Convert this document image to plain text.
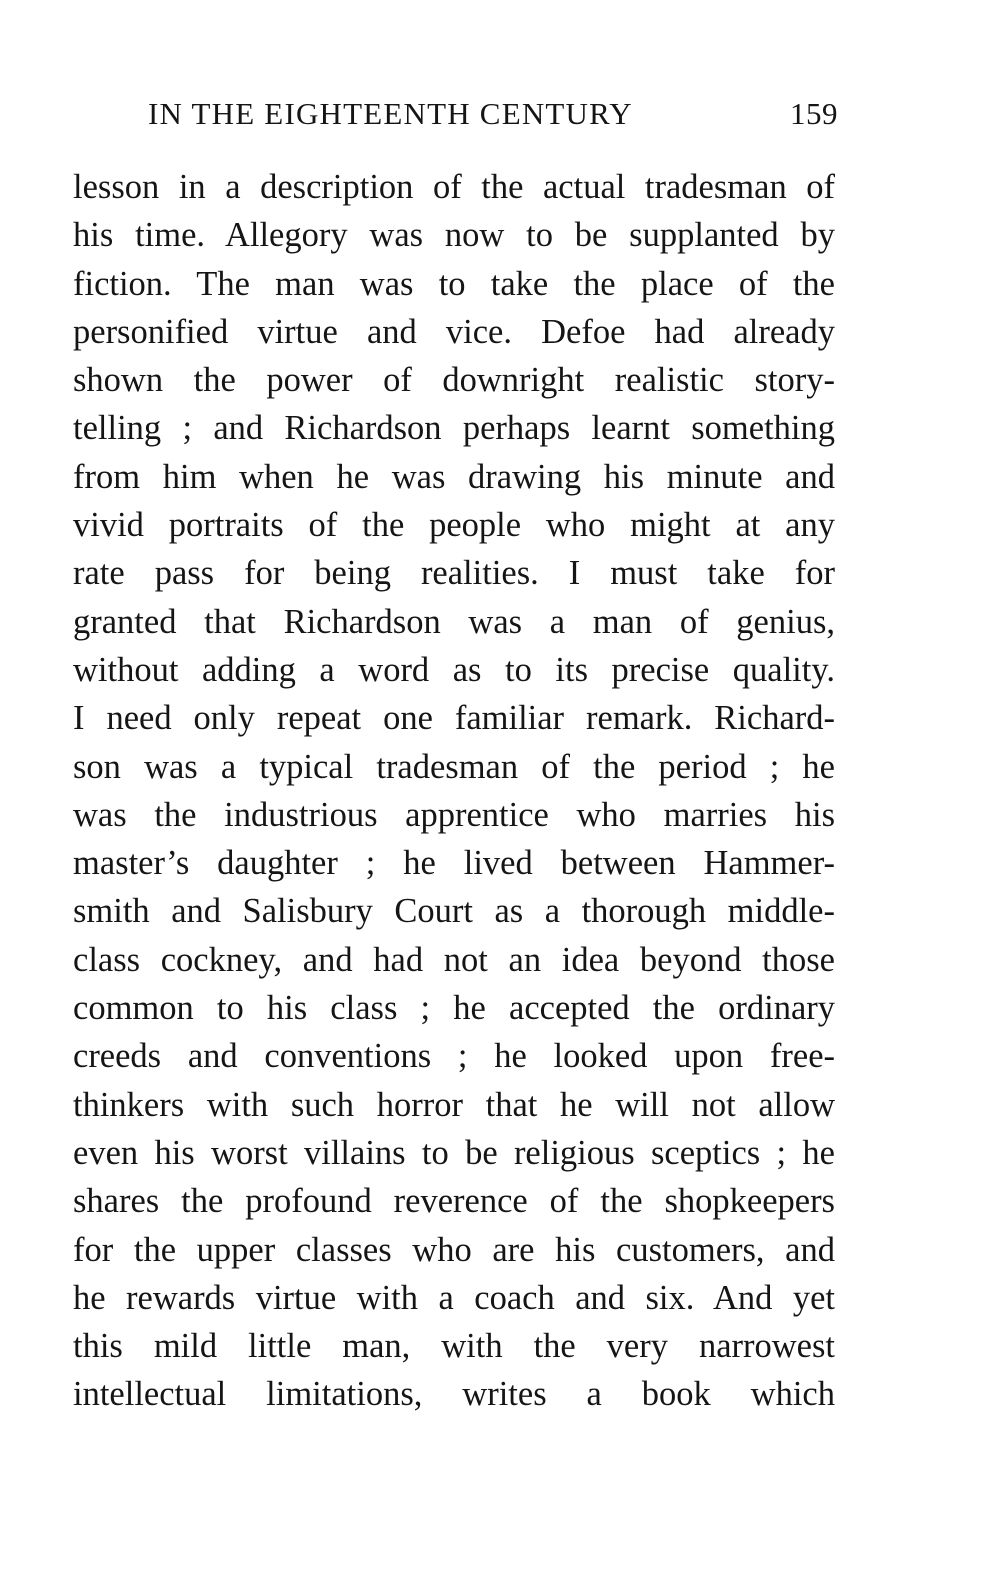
IN THE EIGHTEENTH CENTURY	159
lesson in a description of the actual tradesman of
his time. Allegory was now to be supplanted by
fiction. The man was to take the place of the
personified virtue and vice. Defoe had already
shown the power of downright realistic story-
telling ; and Richardson perhaps learnt something
from him when he was drawing his minute and
vivid portraits of the people who might at any
rate pass for being realities. I must take for
granted that Richardson was a man of genius,
without adding a word as to its precise quality.
I need only repeat one familiar remark. Richard-
son was a typical tradesman of the period ; he
was the industrious apprentice who marries his
master’s daughter ; he lived between Hammer-
smith and Salisbury Court as a thorough middle-
class cockney, and had not an idea beyond those
common to his class ; he accepted the ordinary
creeds and conventions ; he looked upon free-
thinkers with such horror that he will not allow
even his worst villains to be religious sceptics ; he
shares the profound reverence of the shopkeepers
for the upper classes who are his customers, and
he rewards virtue with a coach and six. And yet
this mild little man, with the very narrowest
intellectual limitations, writes a book which
